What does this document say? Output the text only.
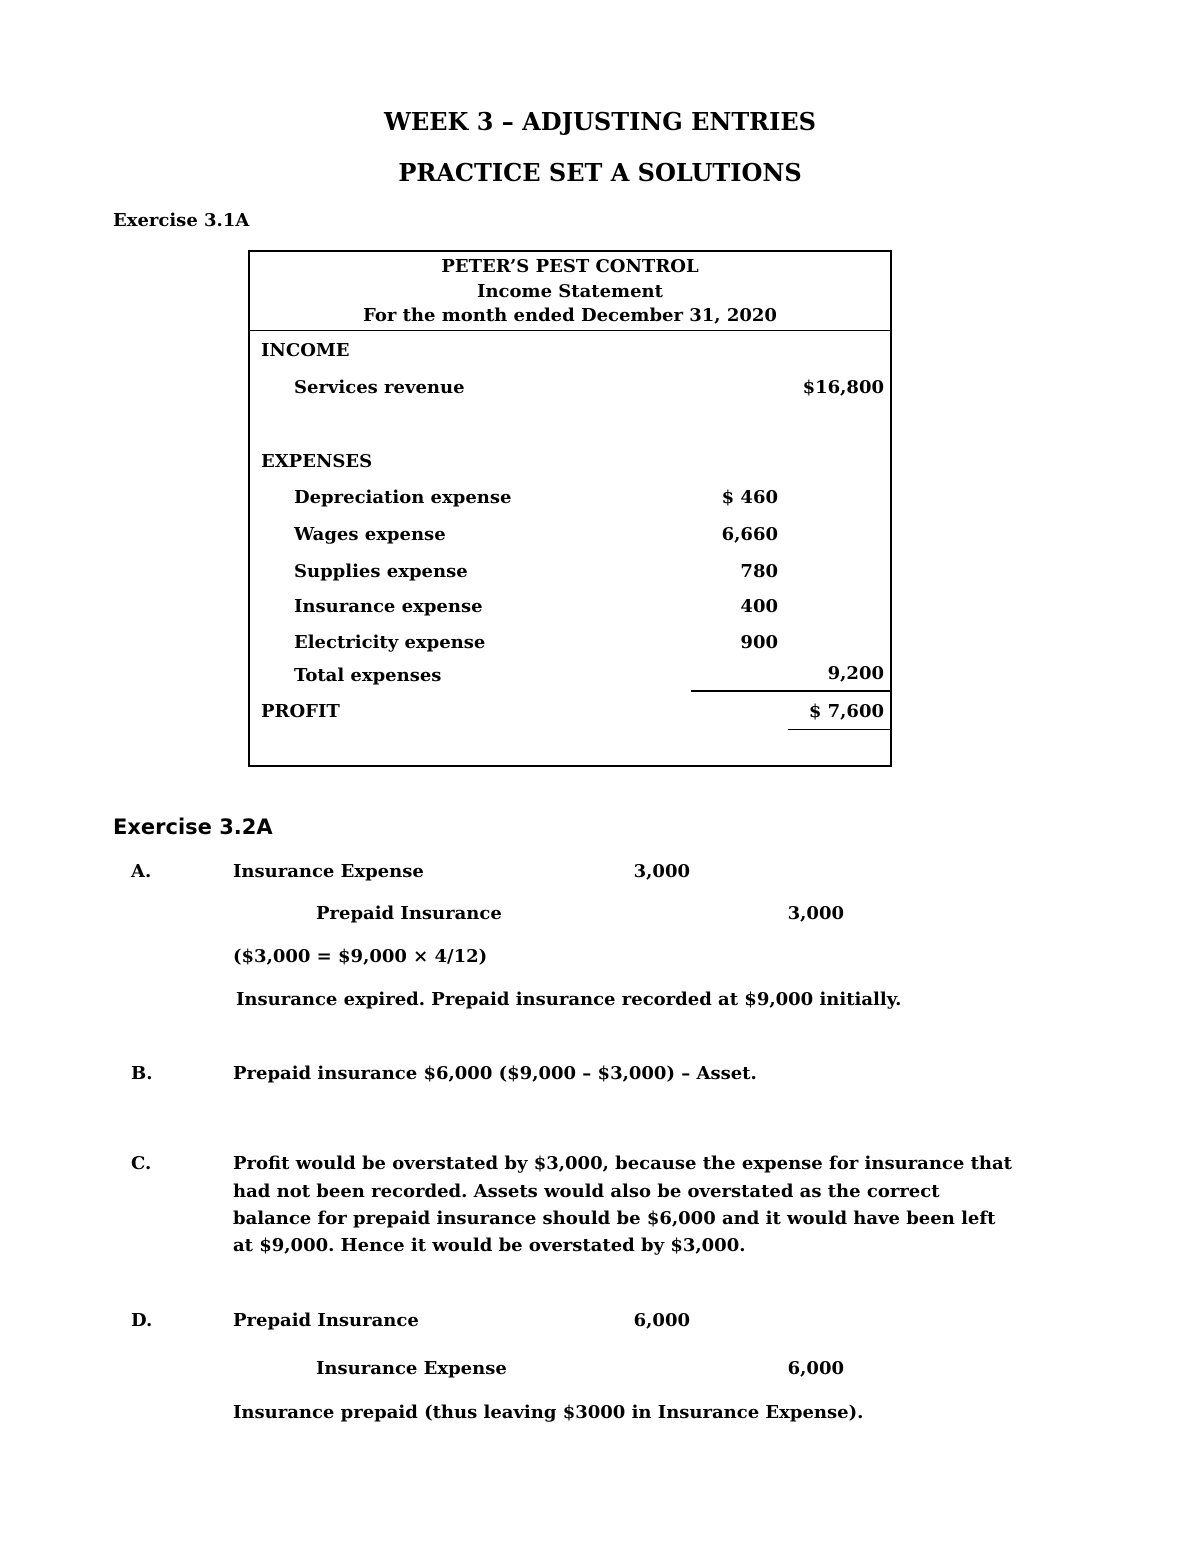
WEEK 3 – ADJUSTING ENTRIES
PRACTICE SET A SOLUTIONS
Exercise 3.1A
PETER’S PEST CONTROL
Income Statement
For the month ended December 31, 2020
INCOME
Services revenue	$16,800
EXPENSES
Depreciation expense	$ 460
Wages expense	6,660
Supplies expense	780
Insurance expense	400
Electricity expense	900
Total expenses	9,200
PROFIT	$ 7,600
Exercise 3.2A
A.	Insurance Expense	3,000
Prepaid Insurance	3,000
($3,000 = $9,000 × 4/12)
Insurance expired. Prepaid insurance recorded at $9,000 initially.
B.	Prepaid insurance $6,000 ($9,000 – $3,000) – Asset.
C.	Profit would be overstated by $3,000, because the expense for insurance that
had not been recorded. Assets would also be overstated as the correct
balance for prepaid insurance should be $6,000 and it would have been left
at $9,000. Hence it would be overstated by $3,000.
D.	Prepaid Insurance	6,000
Insurance Expense	6,000
Insurance prepaid (thus leaving $3000 in Insurance Expense).
